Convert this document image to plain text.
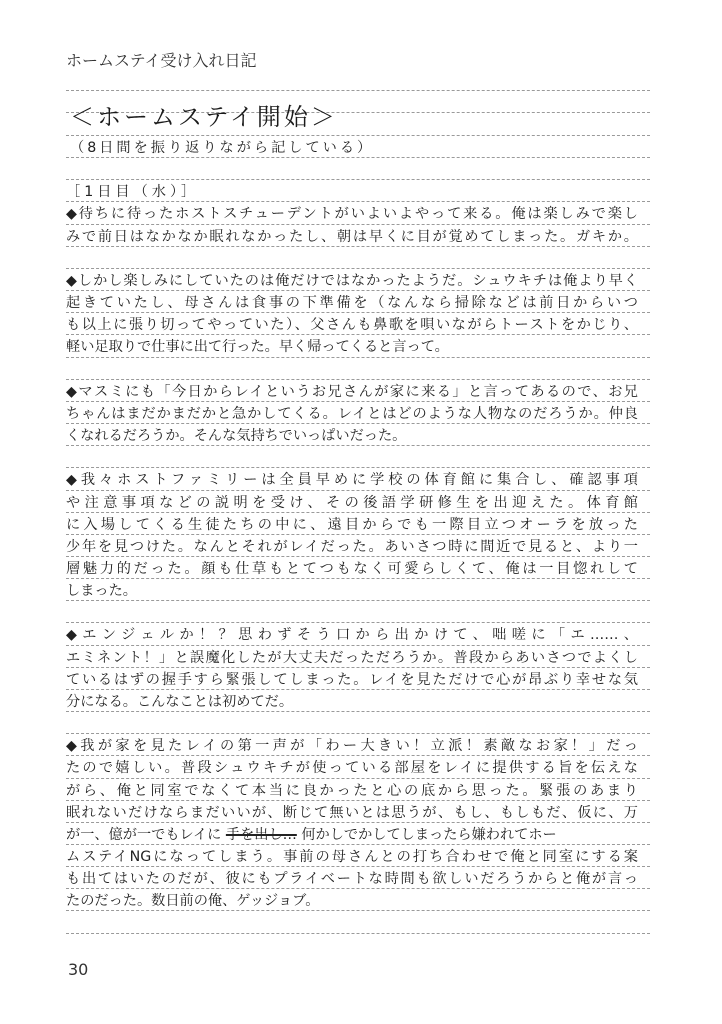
ホームステイ受け入れ日記
＜ホームステイ開始＞
（8日間を振り返りながら記している）
［1日目（水）］
◆待ちに待ったホストスチューデントがいよいよやって来る。俺は楽しみで楽し
みで前日はなかなか眠れなかったし、朝は早くに目が覚めてしまった。ガキか。
◆しかし楽しみにしていたのは俺だけではなかったようだ。シュウキチは俺より早く
起きていたし、母さんは食事の下準備を（なんなら掃除などは前日からいつ
も以上に張り切ってやっていた）、父さんも鼻歌を唄いながらトーストをかじり、
軽い足取りで仕事に出て行った。早く帰ってくると言って。
◆マスミにも「今日からレイというお兄さんが家に来る」と言ってあるので、お兄
ちゃんはまだかまだかと急かしてくる。レイとはどのような人物なのだろうか。仲良
くなれるだろうか。そんな気持ちでいっぱいだった。
◆我々ホストファミリーは全員早めに学校の体育館に集合し、確認事項
や注意事項などの説明を受け、その後語学研修生を出迎えた。体育館
に入場してくる生徒たちの中に、遠目からでも一際目立つオーラを放った
少年を見つけた。なんとそれがレイだった。あいさつ時に間近で見ると、より一
層魅力的だった。顔も仕草もとてつもなく可愛らしくて、俺は一目惚れして
しまった。
◆エンジェルか！？思わずそう口から出かけて、咄嗟に「エ……、
エミネント！」と誤魔化したが大丈夫だっただろうか。普段からあいさつでよくし
ているはずの握手すら緊張してしまった。レイを見ただけで心が昂ぶり幸せな気
分になる。こんなことは初めてだ。
◆我が家を見たレイの第一声が「わー大きい！立派！素敵なお家！」だっ
たので嬉しい。普段シュウキチが使っている部屋をレイに提供する旨を伝えな
がら、俺と同室でなくて本当に良かったと心の底から思った。緊張のあまり
眠れないだけならまだいいが、断じて無いとは思うが、もし、もしもだ、仮に、万
が一、億が一でもレイに 手を出し… 何かしでかしてしまったら嫌われてホー
ムステイNGになってしまう。事前の母さんとの打ち合わせで俺と同室にする案
も出てはいたのだが、彼にもプライベートな時間も欲しいだろうからと俺が言っ
たのだった。数日前の俺、ゲッジョブ。
30
